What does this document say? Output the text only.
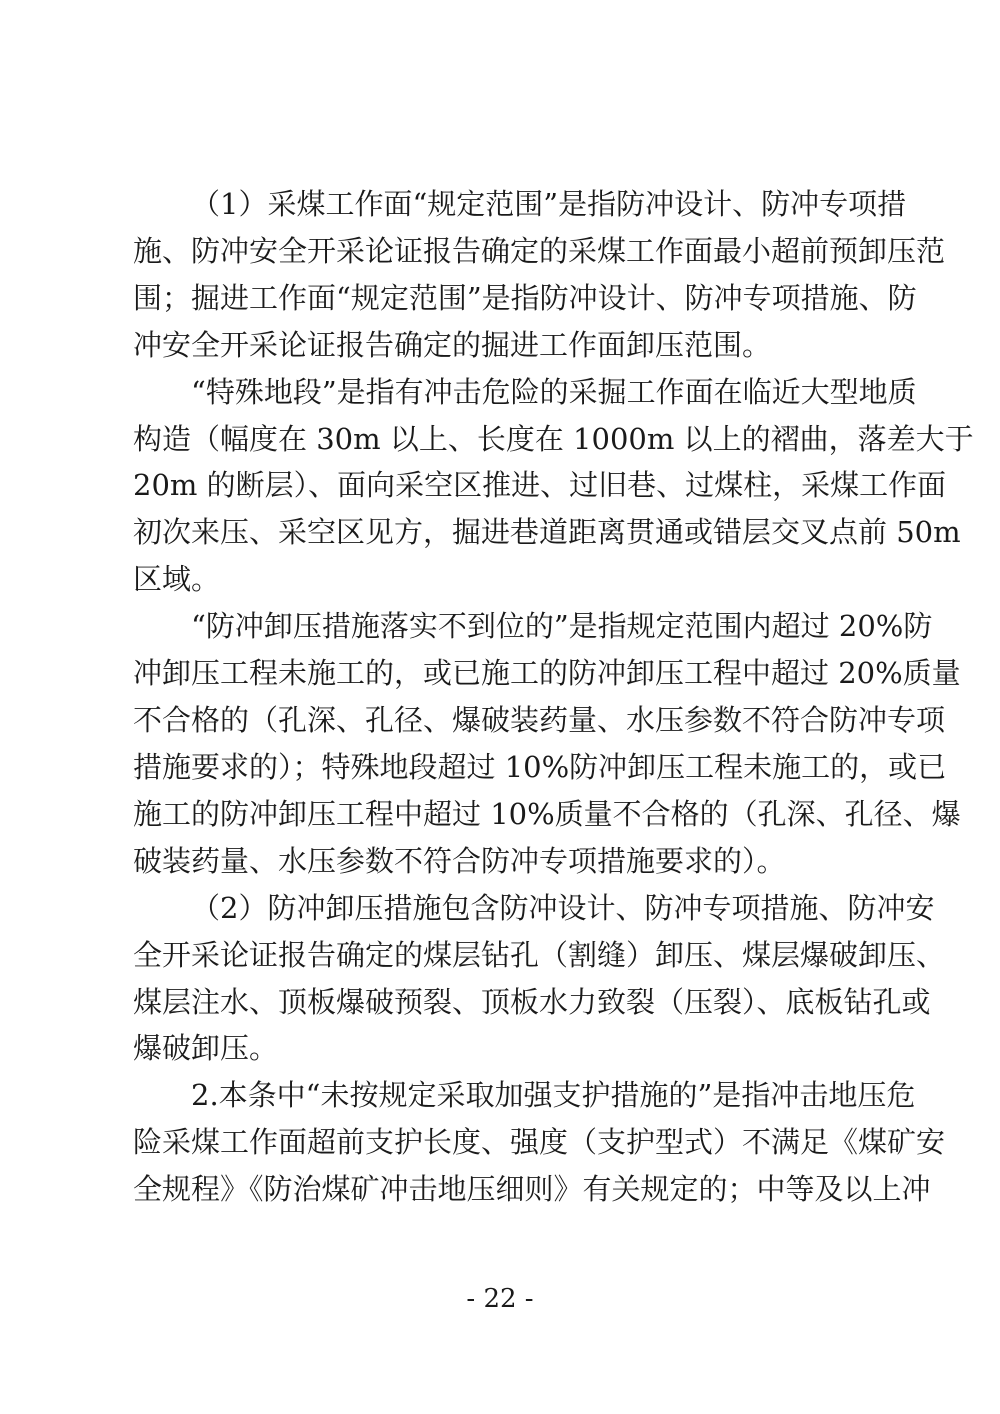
（1）采煤工作面“规定范围”是指防冲设计、防冲专项措
施、防冲安全开采论证报告确定的采煤工作面最小超前预卸压范
围；掘进工作面“规定范围”是指防冲设计、防冲专项措施、防
冲安全开采论证报告确定的掘进工作面卸压范围。
“特殊地段”是指有冲击危险的采掘工作面在临近大型地质
构造（幅度在 30m 以上、长度在 1000m 以上的褶曲，落差大于
20m 的断层）、面向采空区推进、过旧巷、过煤柱，采煤工作面
初次来压、采空区见方，掘进巷道距离贯通或错层交叉点前 50m
区域。
“防冲卸压措施落实不到位的”是指规定范围内超过 20%防
冲卸压工程未施工的，或已施工的防冲卸压工程中超过 20%质量
不合格的（孔深、孔径、爆破装药量、水压参数不符合防冲专项
措施要求的）；特殊地段超过 10%防冲卸压工程未施工的，或已
施工的防冲卸压工程中超过 10%质量不合格的（孔深、孔径、爆
破装药量、水压参数不符合防冲专项措施要求的）。
（2）防冲卸压措施包含防冲设计、防冲专项措施、防冲安
全开采论证报告确定的煤层钻孔（割缝）卸压、煤层爆破卸压、
煤层注水、顶板爆破预裂、顶板水力致裂（压裂）、底板钻孔或
爆破卸压。
2.本条中“未按规定采取加强支护措施的”是指冲击地压危
险采煤工作面超前支护长度、强度（支护型式）不满足《煤矿安
全规程》《防治煤矿冲击地压细则》有关规定的；中等及以上冲
- 22 -
